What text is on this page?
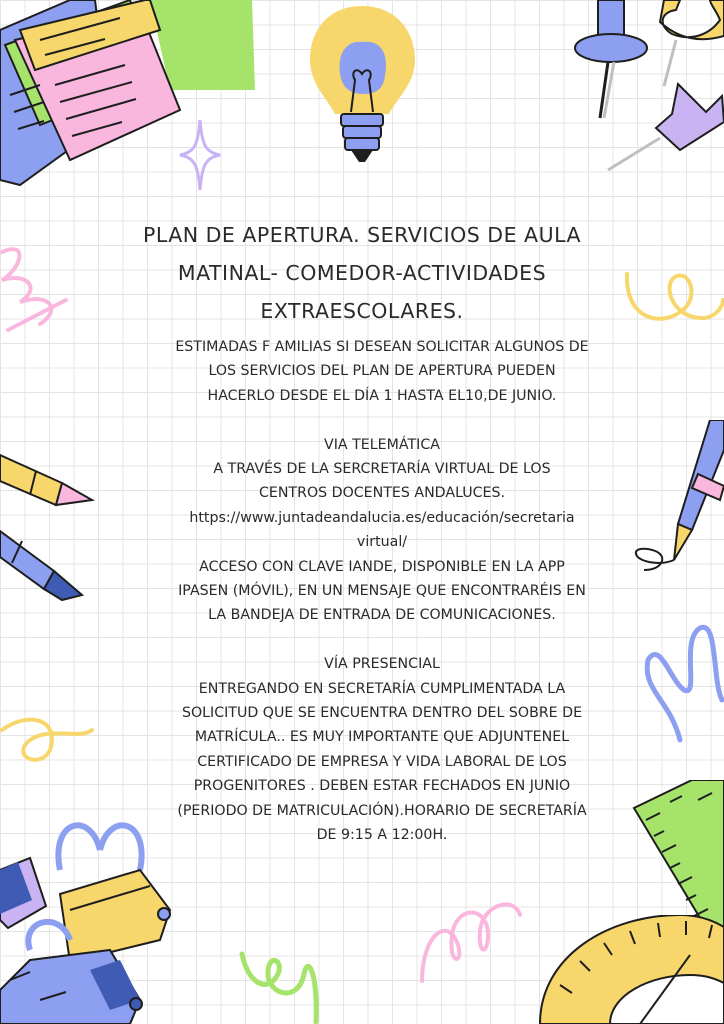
PLAN DE APERTURA. SERVICIOS DE AULA
MATINAL- COMEDOR-ACTIVIDADES
EXTRAESCOLARES.

ESTIMADAS F AMILIAS SI DESEAN SOLICITAR ALGUNOS DE
LOS SERVICIOS DEL PLAN DE APERTURA PUEDEN
HACERLO DESDE EL DÍA 1 HASTA EL10,DE JUNIO.

VIA TELEMÁTICA
A TRAVÉS DE LA SERCRETARÍA VIRTUAL DE LOS
CENTROS DOCENTES ANDALUCES.
https://www.juntadeandalucia.es/educación/secretaria
virtual/
ACCESO CON CLAVE IANDE, DISPONIBLE EN LA APP
IPASEN (MÓVIL), EN UN MENSAJE QUE ENCONTRARÉIS EN
LA BANDEJA DE ENTRADA DE COMUNICACIONES.

VÍA PRESENCIAL
ENTREGANDO EN SECRETARÍA CUMPLIMENTADA LA
SOLICITUD QUE SE ENCUENTRA DENTRO DEL SOBRE DE
MATRÍCULA.. ES MUY IMPORTANTE QUE ADJUNTENEL
CERTIFICADO DE EMPRESA Y VIDA LABORAL DE LOS
PROGENITORES . DEBEN ESTAR FECHADOS EN JUNIO
(PERIODO DE MATRICULACIÓN).HORARIO DE SECRETARÍA
DE 9:15 A 12:00H.
